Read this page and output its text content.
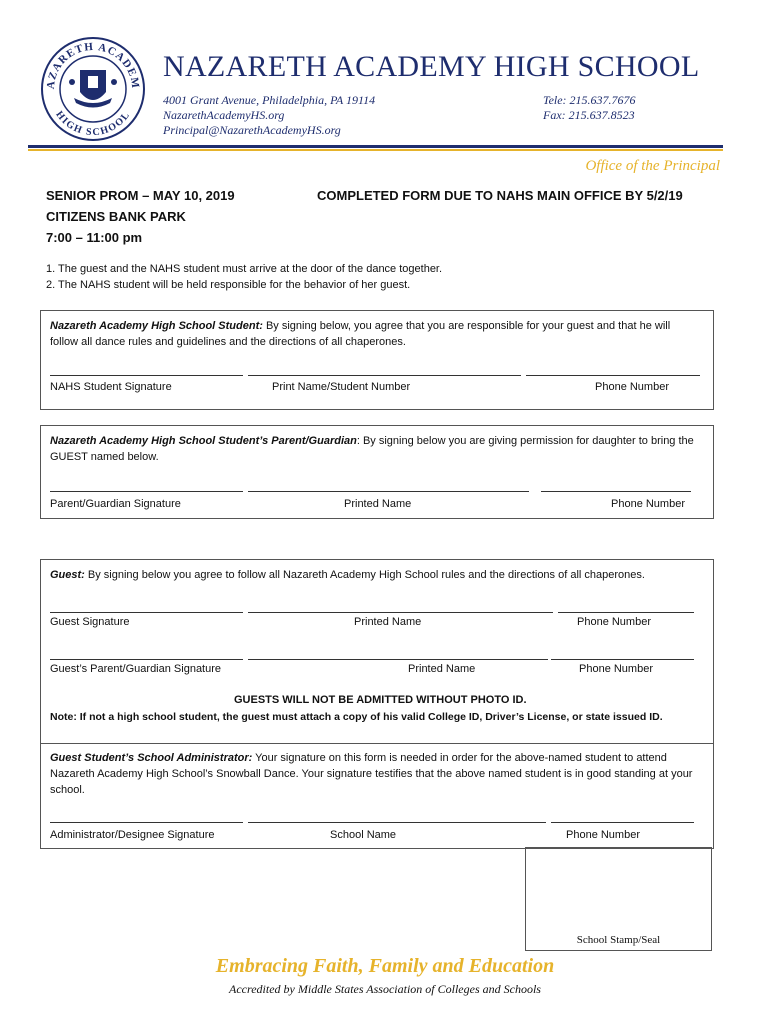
AZARETH ACADEM
HIGH SCHOOL
NAZARETH ACADEMY HIGH SCHOOL
4001 Grant Avenue, Philadelphia, PA 19114
NazarethAcademyHS.org
Principal@NazarethAcademyHS.org
Tele: 215.637.7676
Fax: 215.637.8523
Office of the Principal
SENIOR PROM – MAY 10, 2019
CITIZENS BANK PARK
7:00 – 11:00 pm
COMPLETED FORM DUE TO NAHS MAIN OFFICE BY 5/2/19
1. The guest and the NAHS student must arrive at the door of the dance together.
2. The NAHS student will be held responsible for the behavior of her guest.
Nazareth Academy High School Student: By signing below, you agree that you are responsible for your guest and that he will follow all dance rules and guidelines and the directions of all chaperones.
NAHS Student Signature	Print Name/Student Number	Phone Number
Nazareth Academy High School Student’s Parent/Guardian: By signing below you are giving permission for daughter to bring the GUEST named below.
Parent/Guardian Signature	Printed Name	Phone Number
Guest: By signing below you agree to follow all Nazareth Academy High School rules and the directions of all chaperones.
Guest Signature	Printed Name	Phone Number
Guest’s Parent/Guardian Signature	Printed Name	Phone Number
GUESTS WILL NOT BE ADMITTED WITHOUT PHOTO ID.
Note: If not a high school student, the guest must attach a copy of his valid College ID, Driver’s License, or state issued ID.
Guest Student’s School Administrator: Your signature on this form is needed in order for the above-named student to attend Nazareth Academy High School’s Snowball Dance. Your signature testifies that the above named student is in good standing at your school.
Administrator/Designee Signature	School Name	Phone Number
School Stamp/Seal
Embracing Faith, Family and Education
Accredited by Middle States Association of Colleges and Schools
